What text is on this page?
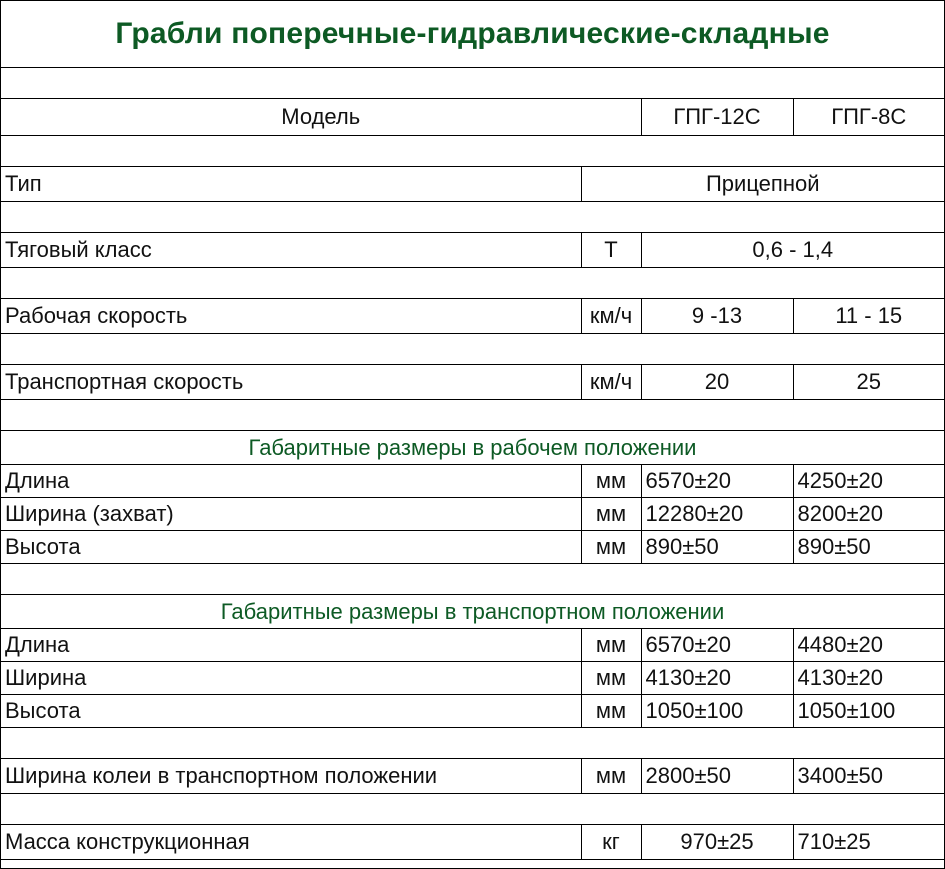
Грабли поперечные-гидравлические-складные

Модель		ГПГ-12С	ГПГ-8С

Тип	Прицепной		

Тяговый класс	Т	0,6 - 1,4	

Рабочая скорость	км/ч	9 -13	11 - 15

Транспортная скорость	км/ч	20	25

Габаритные размеры в рабочем положении			
Длина	мм	6570±20	4250±20
Ширина (захват)	мм	12280±20	8200±20
Высота	мм	890±50	890±50

Габаритные размеры в транспортном положении			
Длина	мм	6570±20	4480±20
Ширина	мм	4130±20	4130±20
Высота	мм	1050±100	1050±100

Ширина колеи в транспортном положении	мм	2800±50	3400±50

Масса конструкционная	кг	970±25	710±25
